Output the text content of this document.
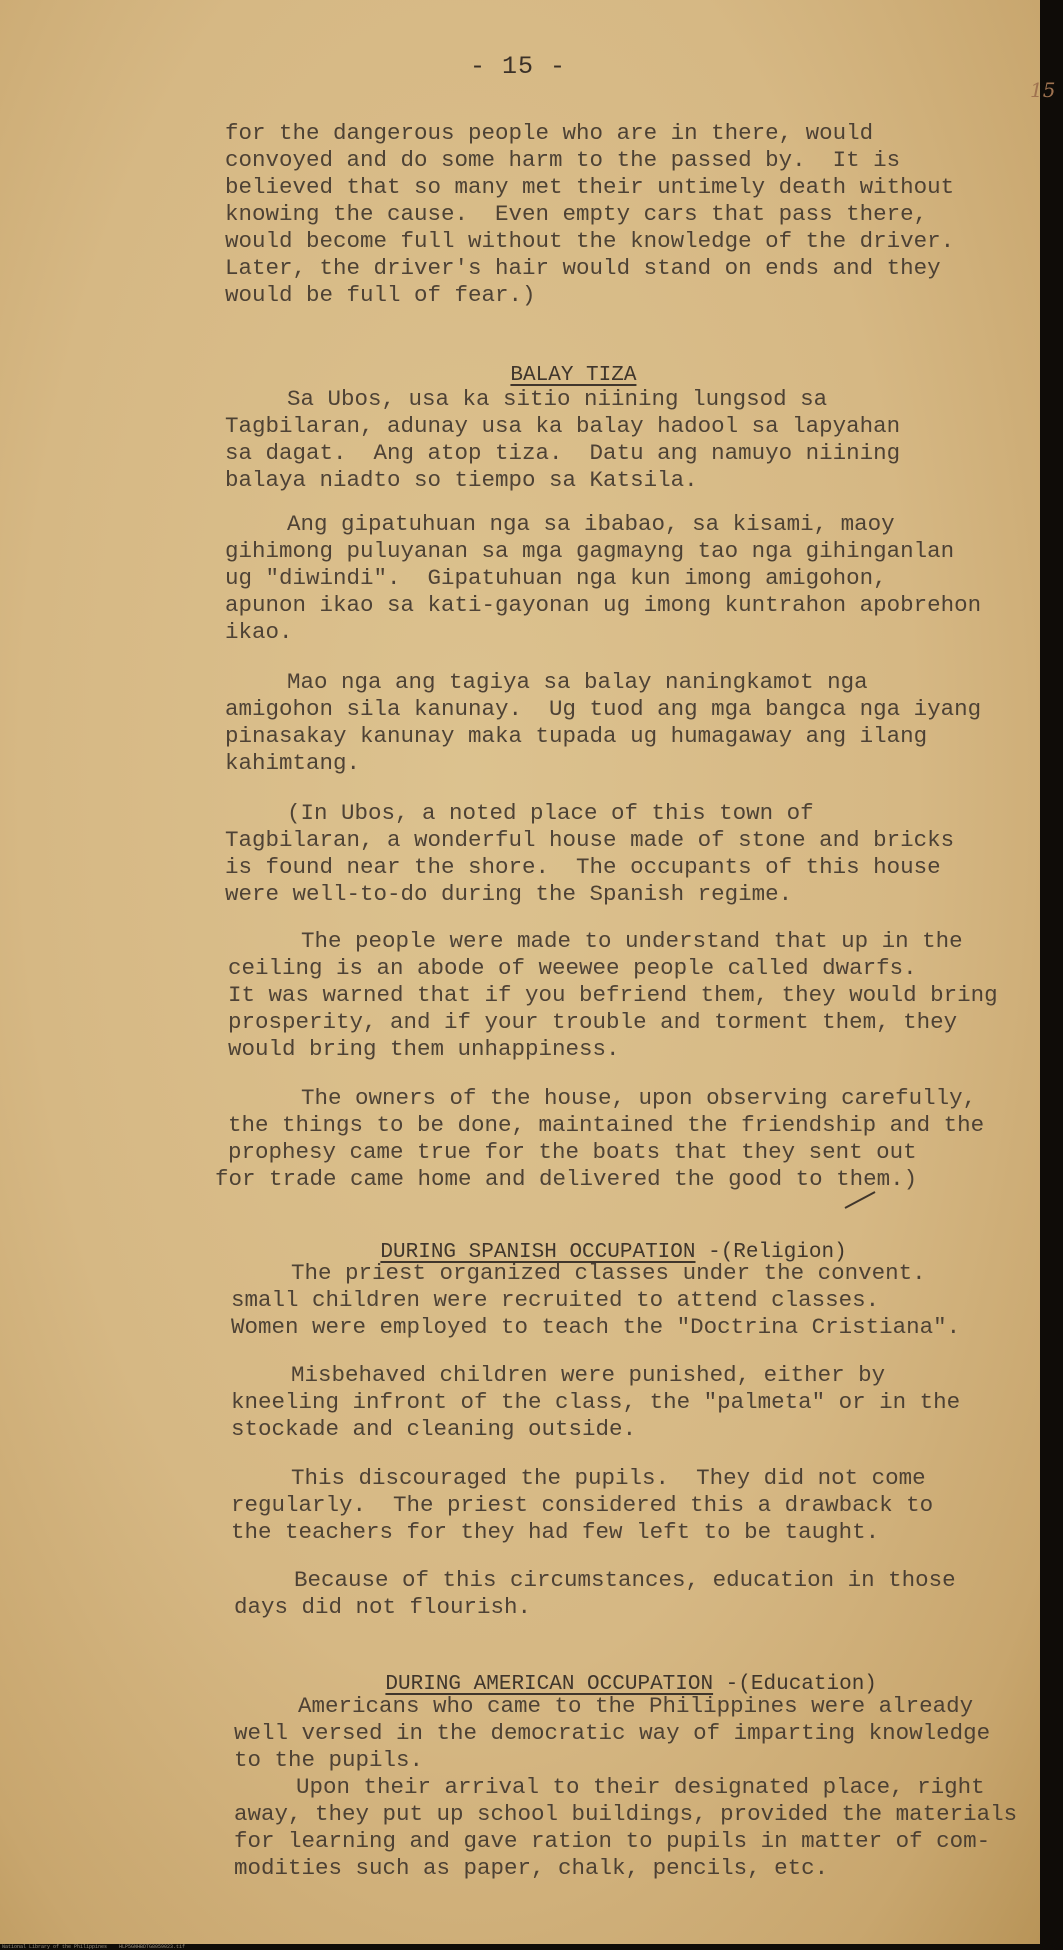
- 15 -
15
for the dangerous people who are in there, would
convoyed and do some harm to the passed by.  It is
believed that so many met their untimely death without
knowing the cause.  Even empty cars that pass there,
would become full without the knowledge of the driver.
Later, the driver's hair would stand on ends and they
would be full of fear.)

BALAY TIZA

Sa Ubos, usa ka sitio niining lungsod sa
Tagbilaran, adunay usa ka balay hadool sa lapyahan
sa dagat.  Ang atop tiza.  Datu ang namuyo niining
balaya niadto so tiempo sa Katsila.
Ang gipatuhuan nga sa ibabao, sa kisami, maoy
gihimong puluyanan sa mga gagmayng tao nga gihinganlan
ug "diwindi".  Gipatuhuan nga kun imong amigohon,
apunon ikao sa kati-gayonan ug imong kuntrahon apobrehon
ikao.
Mao nga ang tagiya sa balay naningkamot nga
amigohon sila kanunay.  Ug tuod ang mga bangca nga iyang
pinasakay kanunay maka tupada ug humagaway ang ilang
kahimtang.
(In Ubos, a noted place of this town of
Tagbilaran, a wonderful house made of stone and bricks
is found near the shore.  The occupants of this house
were well-to-do during the Spanish regime.
The people were made to understand that up in the
ceiling is an abode of weewee people called dwarfs.
It was warned that if you befriend them, they would bring
prosperity, and if your trouble and torment them, they
would bring them unhappiness.
The owners of the house, upon observing carefully,
the things to be done, maintained the friendship and the
prophesy came true for the boats that they sent out
for trade came home and delivered the good to them.)

DURING SPANISH OCCUPATION -(Religion)

The priest organized classes under the convent.
small children were recruited to attend classes.
Women were employed to teach the "Doctrina Cristiana".
Misbehaved children were punished, either by
kneeling infront of the class, the "palmeta" or in the
stockade and cleaning outside.
This discouraged the pupils.  They did not come
regularly.  The priest considered this a drawback to
the teachers for they had few left to be taught.
Because of this circumstances, education in those
days did not flourish.

DURING AMERICAN OCCUPATION -(Education)

Americans who came to the Philippines were already
well versed in the democratic way of imparting knowledge
to the pupils.
Upon their arrival to their designated place, right
away, they put up school buildings, provided the materials
for learning and gave ration to pupils in matter of com-
modities such as paper, chalk, pencils, etc.
National Library of the Philippines    HLP5GNHBDTG8059023.tif
